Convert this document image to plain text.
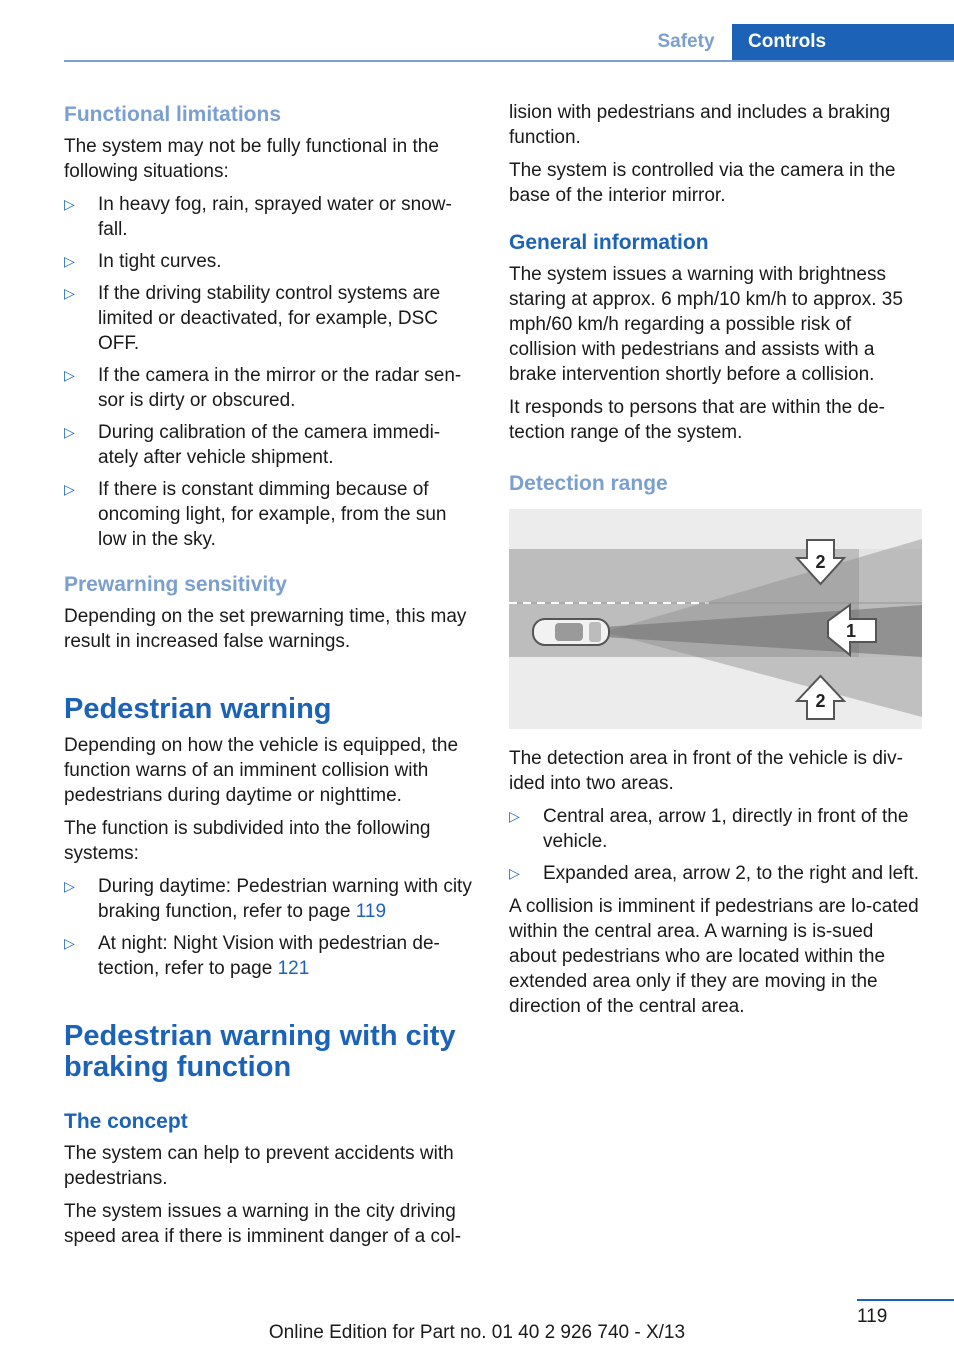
Safety	Controls
Functional limitations

The system may not be fully functional in the following situations:

▷ In heavy fog, rain, sprayed water or snow-fall.
▷ In tight curves.
▷ If the driving stability control systems are limited or deactivated, for example, DSC OFF.
▷ If the camera in the mirror or the radar sen-sor is dirty or obscured.
▷ During calibration of the camera immedi-ately after vehicle shipment.
▷ If there is constant dimming because of oncoming light, for example, from the sun low in the sky.
Prewarning sensitivity

Depending on the set prewarning time, this may result in increased false warnings.

Pedestrian warning

Depending on how the vehicle is equipped, the function warns of an imminent collision with pedestrians during daytime or nighttime.

The function is subdivided into the following systems:

▷ During daytime: Pedestrian warning with city braking function, refer to page 119
▷ At night: Night Vision with pedestrian de-tection, refer to page 121
Pedestrian warning with city braking function
The concept

The system can help to prevent accidents with pedestrians.

The system issues a warning in the city driving speed area if there is imminent danger of a col-

lision with pedestrians and includes a braking function.

The system is controlled via the camera in the base of the interior mirror.

General information

The system issues a warning with brightness staring at approx. 6 mph/10 km/h to approx. 35 mph/60 km/h regarding a possible risk of collision with pedestrians and assists with a brake intervention shortly before a collision.

It responds to persons that are within the de-tection range of the system.

Detection range
2
1
2

The detection area in front of the vehicle is div-ided into two areas.

▷ Central area, arrow 1, directly in front of the vehicle.
▷ Expanded area, arrow 2, to the right and left.

A collision is imminent if pedestrians are lo-cated within the central area. A warning is is-sued about pedestrians who are located within the extended area only if they are moving in the direction of the central area.

119
Online Edition for Part no. 01 40 2 926 740 - X/13
